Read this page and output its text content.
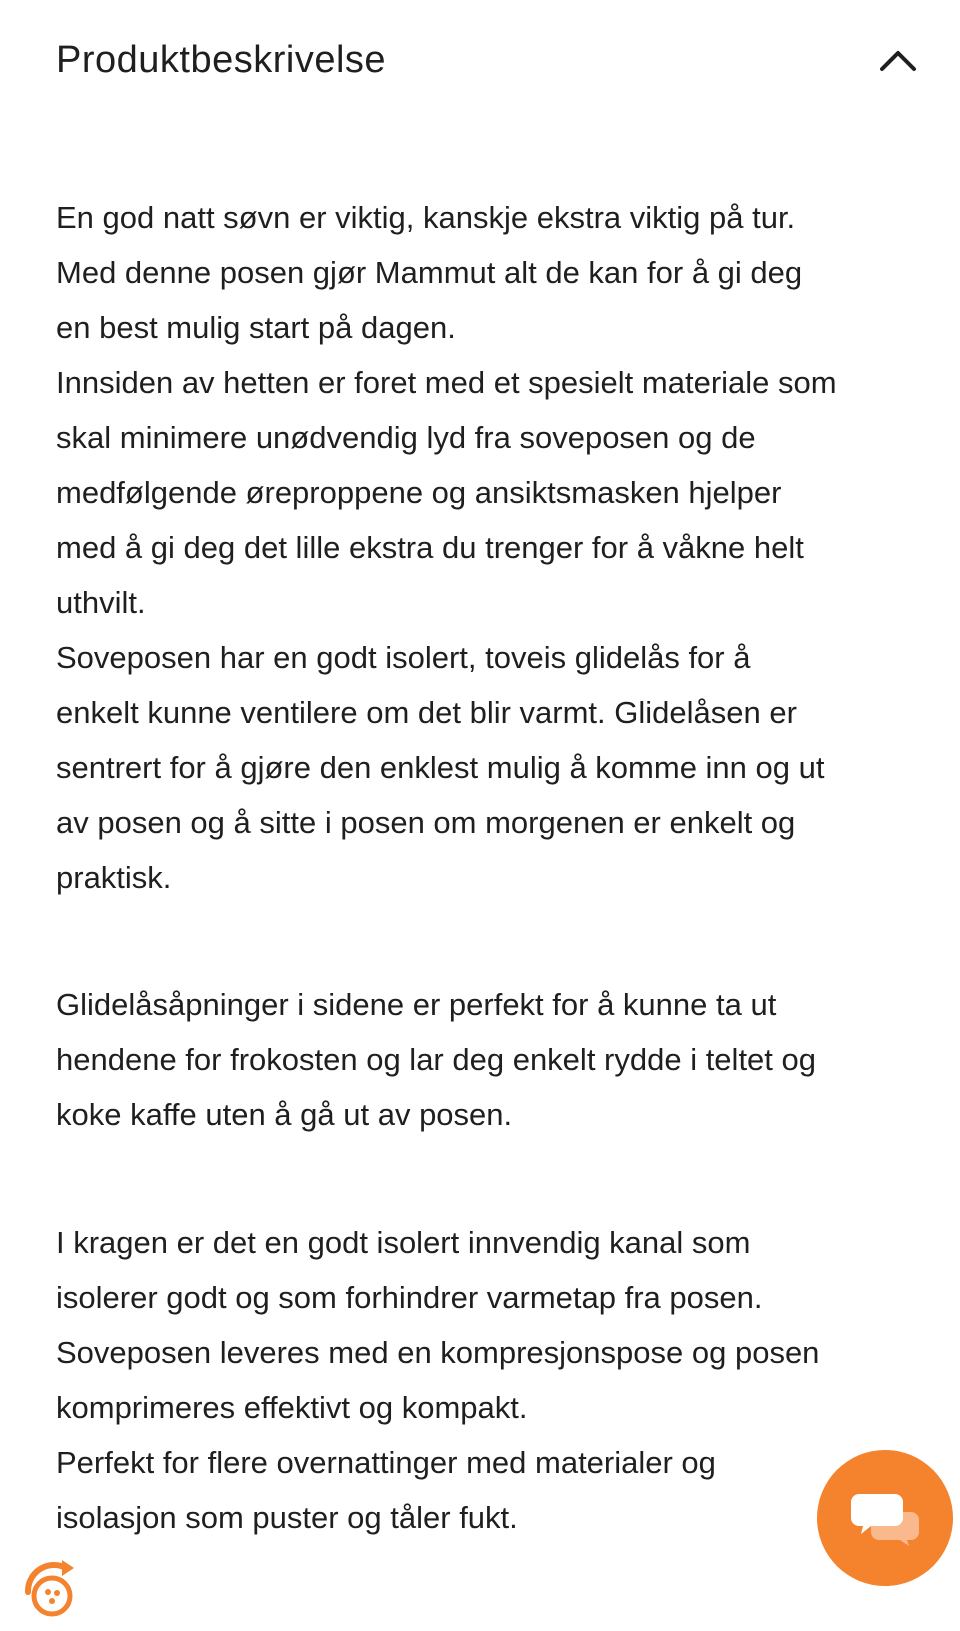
Produktbeskrivelse

En god natt søvn er viktig, kanskje ekstra viktig på tur.

Med denne posen gjør Mammut alt de kan for å gi deg

en best mulig start på dagen.

Innsiden av hetten er foret med et spesielt materiale som

skal minimere unødvendig lyd fra soveposen og de

medfølgende øreproppene og ansiktsmasken hjelper

med å gi deg det lille ekstra du trenger for å våkne helt

uthvilt.

Soveposen har en godt isolert, toveis glidelås for å

enkelt kunne ventilere om det blir varmt. Glidelåsen er

sentrert for å gjøre den enklest mulig å komme inn og ut

av posen og å sitte i posen om morgenen er enkelt og

praktisk.

Glidelåsåpninger i sidene er perfekt for å kunne ta ut

hendene for frokosten og lar deg enkelt rydde i teltet og

koke kaffe uten å gå ut av posen.

I kragen er det en godt isolert innvendig kanal som

isolerer godt og som forhindrer varmetap fra posen.

Soveposen leveres med en kompresjonspose og posen

komprimeres effektivt og kompakt.

Perfekt for flere overnattinger med materialer og

isolasjon som puster og tåler fukt.
